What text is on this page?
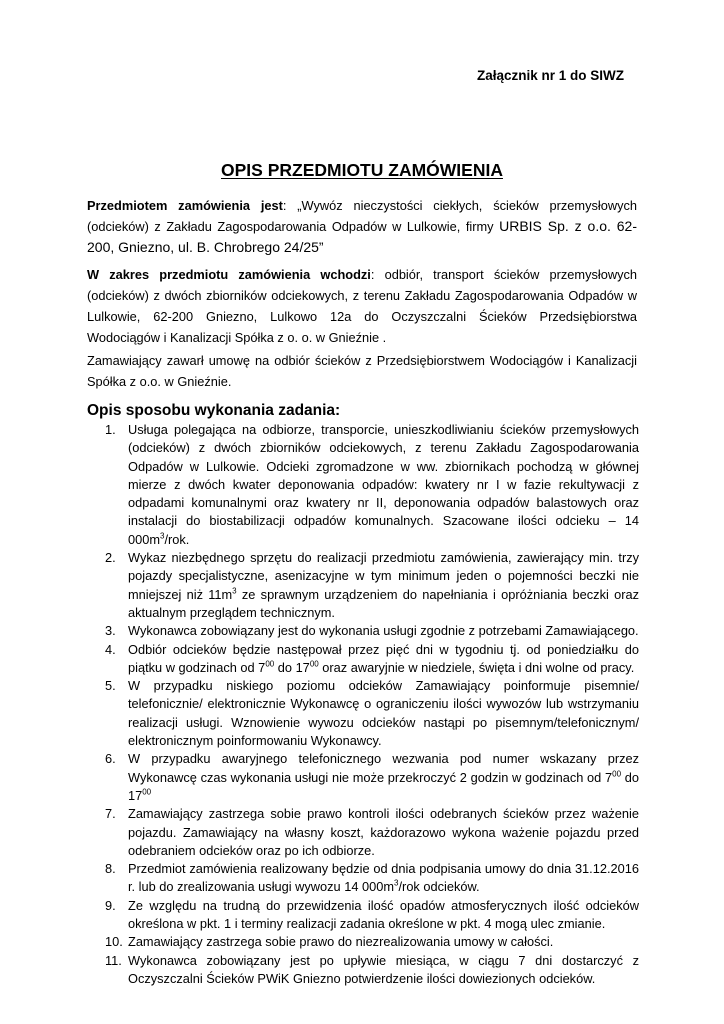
Załącznik nr 1 do SIWZ
OPIS PRZEDMIOTU ZAMÓWIENIA

Przedmiotem zamówienia jest: „Wywóz nieczystości ciekłych, ścieków przemysłowych (odcieków) z Zakładu Zagospodarowania Odpadów w Lulkowie, firmy URBIS Sp. z o.o. 62-200, Gniezno, ul. B. Chrobrego 24/25”

W zakres przedmiotu zamówienia wchodzi: odbiór, transport ścieków przemysłowych (odcieków) z dwóch zbiorników odciekowych, z terenu Zakładu Zagospodarowania Odpadów w Lulkowie, 62-200 Gniezno, Lulkowo 12a do Oczyszczalni Ścieków Przedsiębiorstwa Wodociągów i Kanalizacji Spółka z o. o. w Gnieźnie .

Zamawiający zawarł umowę na odbiór ścieków z Przedsiębiorstwem Wodociągów i Kanalizacji Spółka z o.o. w Gnieźnie.

Opis sposobu wykonania zadania:
1. Usługa polegająca na odbiorze, transporcie, unieszkodliwianiu ścieków przemysłowych (odcieków) z dwóch zbiorników odciekowych, z terenu Zakładu Zagospodarowania Odpadów w Lulkowie. Odcieki zgromadzone w ww. zbiornikach pochodzą w głównej mierze z dwóch kwater deponowania odpadów: kwatery nr I w fazie rekultywacji z odpadami komunalnymi oraz kwatery nr II, deponowania odpadów balastowych oraz instalacji do biostabilizacji odpadów komunalnych. Szacowane ilości odcieku – 14 $000m^3$/rok.
2. Wykaz niezbędnego sprzętu do realizacji przedmiotu zamówienia, zawierający min. trzy pojazdy specjalistyczne, asenizacyjne w tym minimum jeden o pojemności beczki nie mniejszej niż $11m^3$ ze sprawnym urządzeniem do napełniania i opróżniania beczki oraz aktualnym przeglądem technicznym.
3. Wykonawca zobowiązany jest do wykonania usługi zgodnie z potrzebami Zamawiającego.
4. Odbiór odcieków będzie następował przez pięć dni w tygodniu tj. od poniedziałku do piątku w godzinach od $7^{00}$ do $17^{00}$ oraz awaryjnie w niedziele, święta i dni wolne od pracy.
5. W przypadku niskiego poziomu odcieków Zamawiający poinformuje pisemnie/ telefonicznie/ elektronicznie Wykonawcę o ograniczeniu ilości wywozów lub wstrzymaniu realizacji usługi. Wznowienie wywozu odcieków nastąpi po pisemnym/telefonicznym/ elektronicznym poinformowaniu Wykonawcy.
6. W przypadku awaryjnego telefonicznego wezwania pod numer wskazany przez Wykonawcę czas wykonania usługi nie może przekroczyć 2 godzin w godzinach od $7^{00}$ do $17^{00}$
7. Zamawiający zastrzega sobie prawo kontroli ilości odebranych ścieków przez ważenie pojazdu. Zamawiający na własny koszt, każdorazowo wykona ważenie pojazdu przed odebraniem odcieków oraz po ich odbiorze.
8. Przedmiot zamówienia realizowany będzie od dnia podpisania umowy do dnia 31.12.2016 r. lub do zrealizowania usługi wywozu 14 $000m^3$/rok odcieków.
9. Ze względu na trudną do przewidzenia ilość opadów atmosferycznych ilość odcieków określona w pkt. 1 i terminy realizacji zadania określone w pkt. 4 mogą ulec zmianie.
10. Zamawiający zastrzega sobie prawo do niezrealizowania umowy w całości.
11. Wykonawca zobowiązany jest po upływie miesiąca, w ciągu 7 dni dostarczyć z Oczyszczalni Ścieków PWiK Gniezno potwierdzenie ilości dowiezionych odcieków.
